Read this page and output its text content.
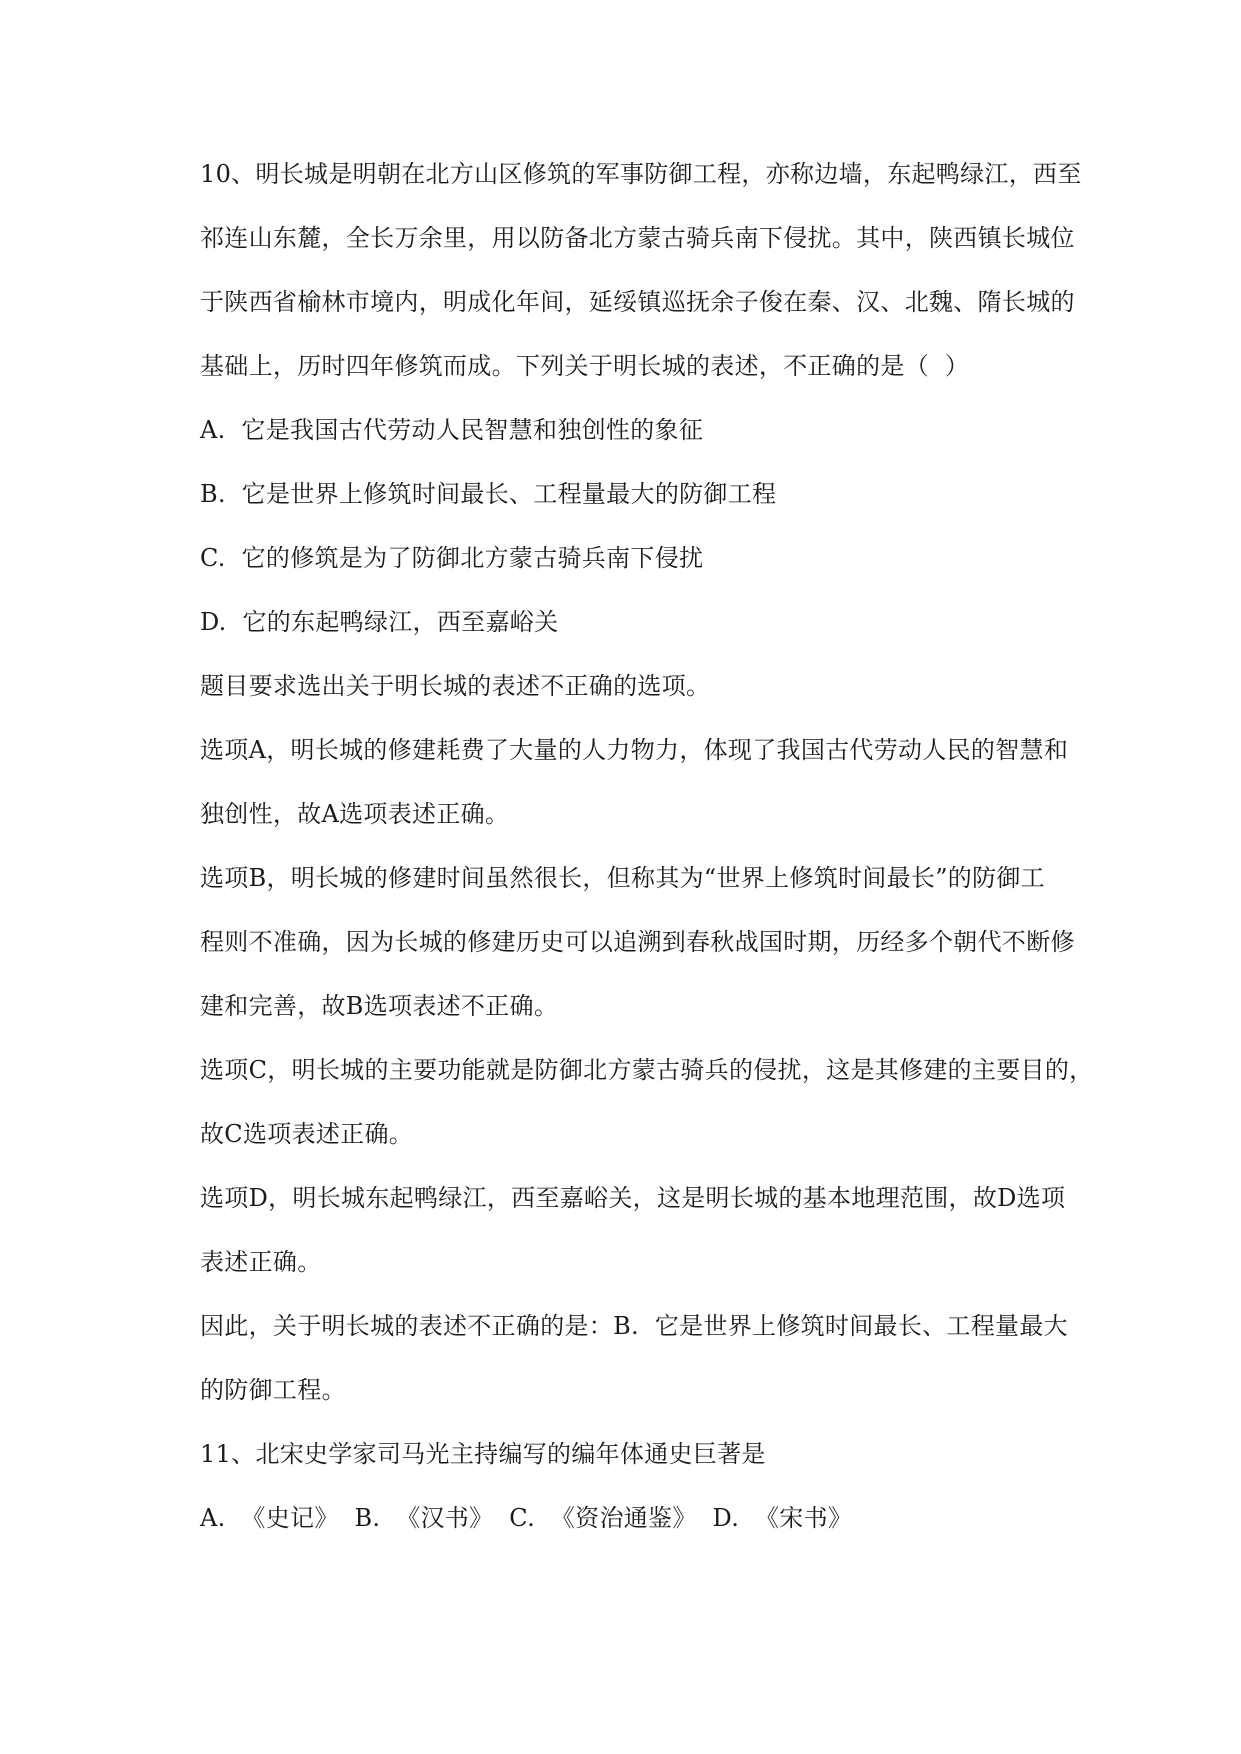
10、明长城是明朝在北方山区修筑的军事防御工程，亦称边墙，东起鸭绿江，西至

祁连山东麓，全长万余里，用以防备北方蒙古骑兵南下侵扰。其中，陕西镇长城位

于陕西省榆林市境内，明成化年间，延绥镇巡抚余子俊在秦、汉、北魏、隋长城的

基础上，历时四年修筑而成。下列关于明长城的表述，不正确的是（  ）

A.  它是我国古代劳动人民智慧和独创性的象征

B.  它是世界上修筑时间最长、工程量最大的防御工程

C.  它的修筑是为了防御北方蒙古骑兵南下侵扰

D.  它的东起鸭绿江，西至嘉峪关

题目要求选出关于明长城的表述不正确的选项。

选项A，明长城的修建耗费了大量的人力物力，体现了我国古代劳动人民的智慧和

独创性，故A选项表述正确。

选项B，明长城的修建时间虽然很长，但称其为“世界上修筑时间最长”的防御工

程则不准确，因为长城的修建历史可以追溯到春秋战国时期，历经多个朝代不断修

建和完善，故B选项表述不正确。

选项C，明长城的主要功能就是防御北方蒙古骑兵的侵扰，这是其修建的主要目的，

故C选项表述正确。

选项D，明长城东起鸭绿江，西至嘉峪关，这是明长城的基本地理范围，故D选项

表述正确。

因此，关于明长城的表述不正确的是：B.  它是世界上修筑时间最长、工程量最大

的防御工程。

11、北宋史学家司马光主持编写的编年体通史巨著是

A.  《史记》  B.  《汉书》  C.  《资治通鉴》  D.  《宋书》
